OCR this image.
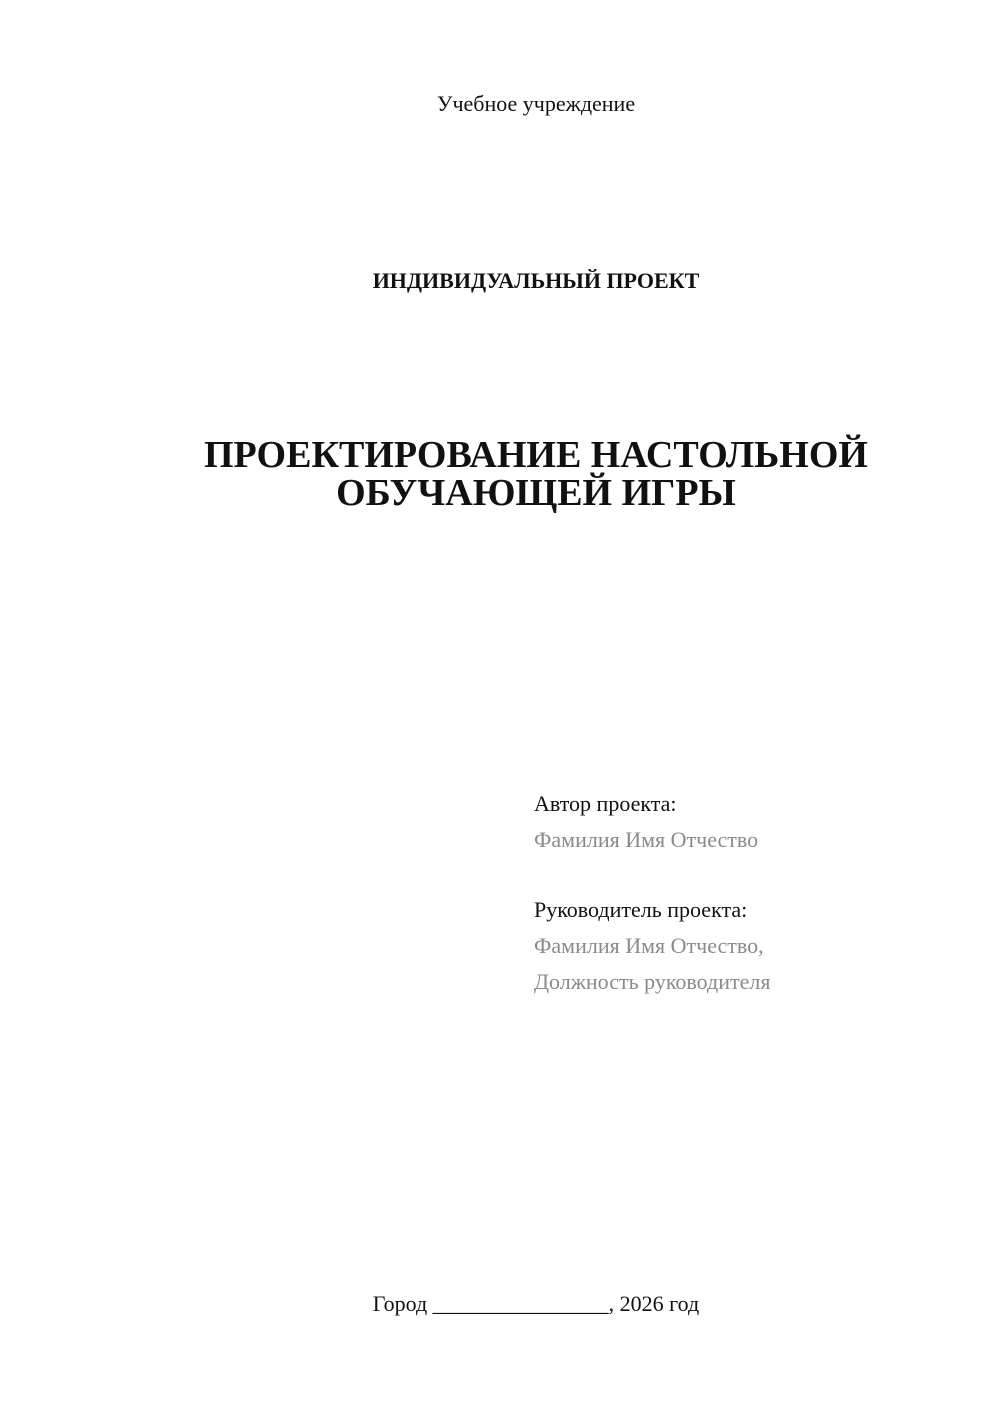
Учебное учреждение
ИНДИВИДУАЛЬНЫЙ ПРОЕКТ
ПРОЕКТИРОВАНИЕ НАСТОЛЬНОЙ
ОБУЧАЮЩЕЙ ИГРЫ
Автор проекта:
Фамилия Имя Отчество
Руководитель проекта:
Фамилия Имя Отчество,
Должность руководителя
Город ________________, 2026 год
